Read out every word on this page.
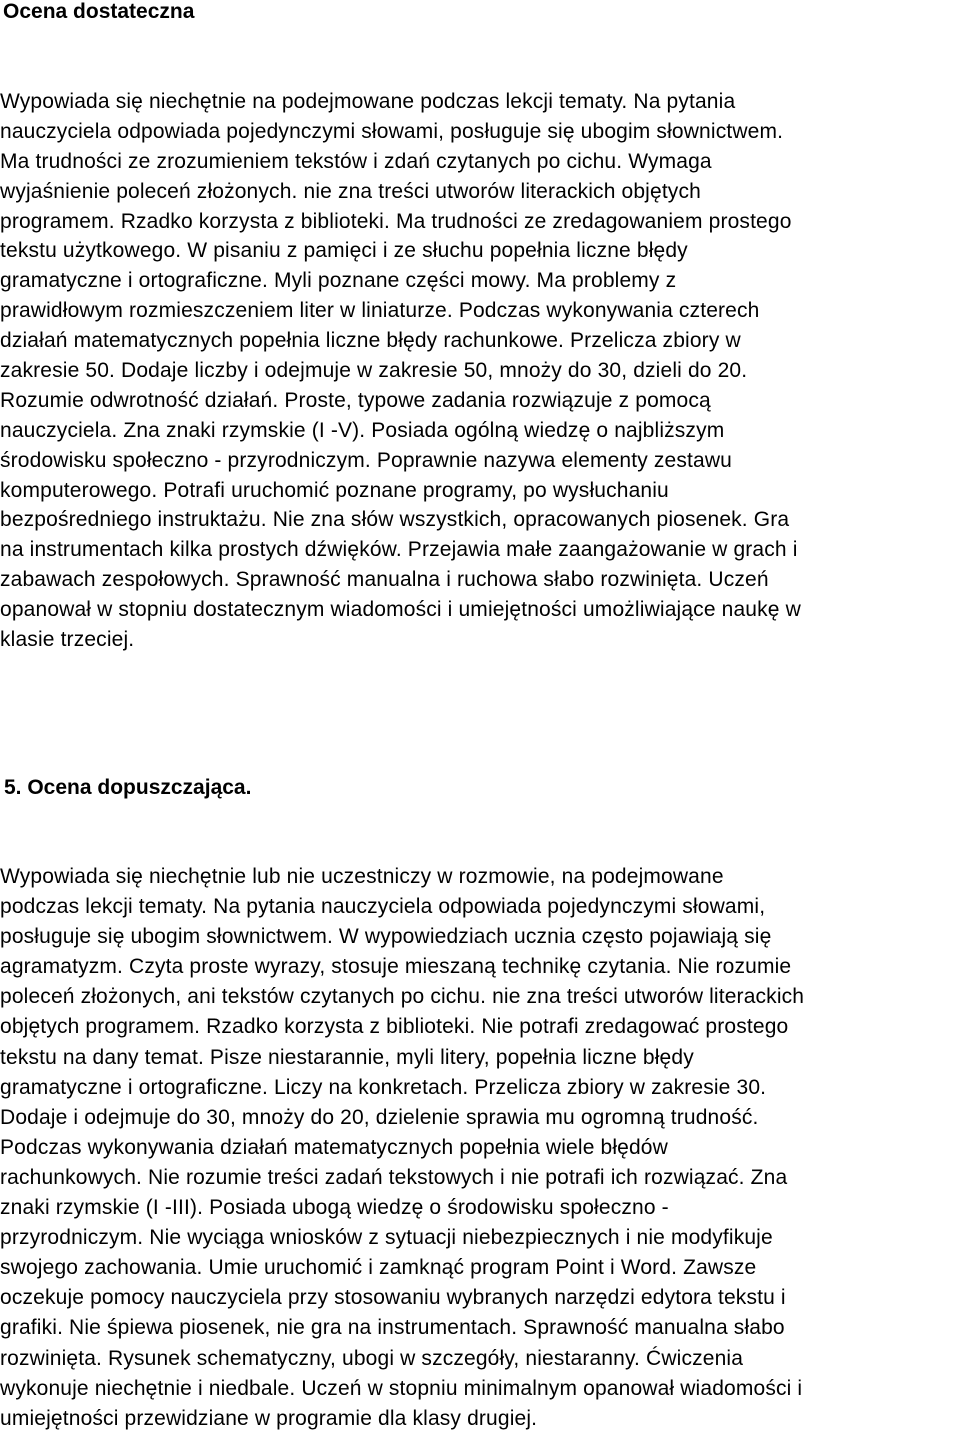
Ocena dostateczna

Wypowiada się niechętnie na podejmowane podczas lekcji tematy. Na pytania
nauczyciela odpowiada pojedynczymi słowami, posługuje się ubogim słownictwem.
Ma trudności ze zrozumieniem tekstów i zdań czytanych po cichu. Wymaga
wyjaśnienie poleceń złożonych. nie zna treści utworów literackich objętych
programem. Rzadko korzysta z biblioteki. Ma trudności ze zredagowaniem prostego
tekstu użytkowego. W pisaniu z pamięci i ze słuchu popełnia liczne błędy
gramatyczne i ortograficzne. Myli poznane części mowy. Ma problemy z
prawidłowym rozmieszczeniem liter w liniaturze. Podczas wykonywania czterech
działań matematycznych popełnia liczne błędy rachunkowe. Przelicza zbiory w
zakresie 50. Dodaje liczby i odejmuje w zakresie 50, mnoży do 30, dzieli do 20.
Rozumie odwrotność działań. Proste, typowe zadania rozwiązuje z pomocą
nauczyciela. Zna znaki rzymskie (I -V). Posiada ogólną wiedzę o najbliższym
środowisku społeczno - przyrodniczym. Poprawnie nazywa elementy zestawu
komputerowego. Potrafi uruchomić poznane programy, po wysłuchaniu
bezpośredniego instruktażu. Nie zna słów wszystkich, opracowanych piosenek. Gra
na instrumentach kilka prostych dźwięków. Przejawia małe zaangażowanie w grach i
zabawach zespołowych. Sprawność manualna i ruchowa słabo rozwinięta. Uczeń
opanował w stopniu dostatecznym wiadomości i umiejętności umożliwiające naukę w
klasie trzeciej.

5. Ocena dopuszczająca.

Wypowiada się niechętnie lub nie uczestniczy w rozmowie, na podejmowane
podczas lekcji tematy. Na pytania nauczyciela odpowiada pojedynczymi słowami,
posługuje się ubogim słownictwem. W wypowiedziach ucznia często pojawiają się
agramatyzm. Czyta proste wyrazy, stosuje mieszaną technikę czytania. Nie rozumie
poleceń złożonych, ani tekstów czytanych po cichu. nie zna treści utworów literackich
objętych programem. Rzadko korzysta z biblioteki. Nie potrafi zredagować prostego
tekstu na dany temat. Pisze niestarannie, myli litery, popełnia liczne błędy
gramatyczne i ortograficzne. Liczy na konkretach. Przelicza zbiory w zakresie 30.
Dodaje i odejmuje do 30, mnoży do 20, dzielenie sprawia mu ogromną trudność.
Podczas wykonywania działań matematycznych popełnia wiele błędów
rachunkowych. Nie rozumie treści zadań tekstowych i nie potrafi ich rozwiązać. Zna
znaki rzymskie (I -III). Posiada ubogą wiedzę o środowisku społeczno -
przyrodniczym. Nie wyciąga wniosków z sytuacji niebezpiecznych i nie modyfikuje
swojego zachowania. Umie uruchomić i zamknąć program Point i Word. Zawsze
oczekuje pomocy nauczyciela przy stosowaniu wybranych narzędzi edytora tekstu i
grafiki. Nie śpiewa piosenek, nie gra na instrumentach. Sprawność manualna słabo
rozwinięta. Rysunek schematyczny, ubogi w szczegóły, niestaranny. Ćwiczenia
wykonuje niechętnie i niedbale. Uczeń w stopniu minimalnym opanował wiadomości i
umiejętności przewidziane w programie dla klasy drugiej.
